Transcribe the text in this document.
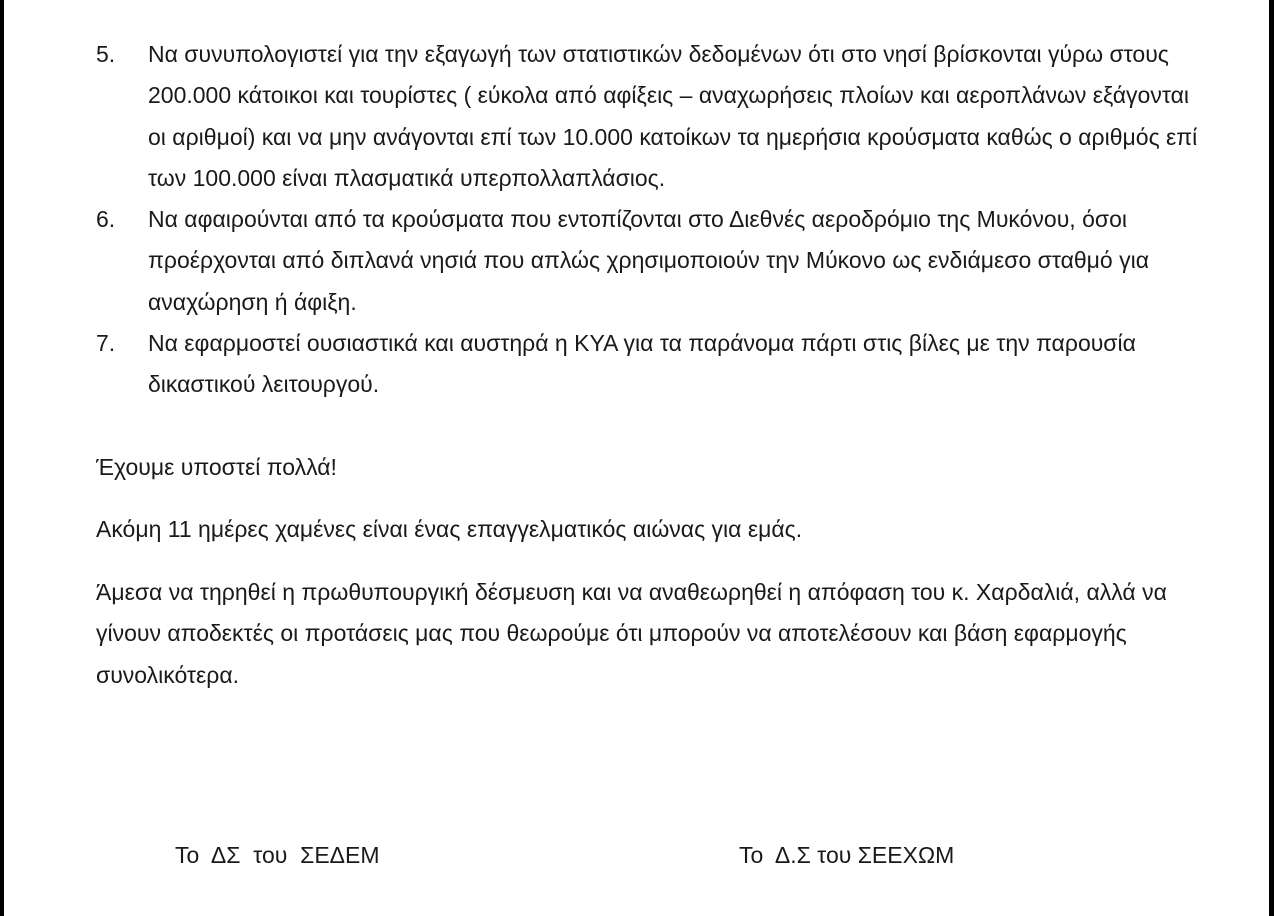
5. Να συνυπολογιστεί για την εξαγωγή των στατιστικών δεδομένων ότι στο νησί βρίσκονται γύρω στους 200.000 κάτοικοι και τουρίστες ( εύκολα από αφίξεις – αναχωρήσεις πλοίων και αεροπλάνων εξάγονται οι αριθμοί) και να μην ανάγονται επί των 10.000 κατοίκων τα ημερήσια κρούσματα καθώς ο αριθμός επί των 100.000 είναι πλασματικά υπερπολλαπλάσιος.
6. Να αφαιρούνται από τα κρούσματα που εντοπίζονται στο Διεθνές αεροδρόμιο της Μυκόνου, όσοι προέρχονται από διπλανά νησιά που απλώς χρησιμοποιούν την Μύκονο ως ενδιάμεσο σταθμό για αναχώρηση ή άφιξη.
7. Να εφαρμοστεί ουσιαστικά και αυστηρά η ΚΥΑ για τα παράνομα πάρτι στις βίλες με την παρουσία δικαστικού λειτουργού.

Έχουμε υποστεί πολλά!

Ακόμη 11 ημέρες χαμένες είναι ένας επαγγελματικός αιώνας για εμάς.

Άμεσα να τηρηθεί η πρωθυπουργική δέσμευση και να αναθεωρηθεί η απόφαση του κ. Χαρδαλιά, αλλά να γίνουν αποδεκτές οι προτάσεις μας που θεωρούμε ότι μπορούν να αποτελέσουν και βάση εφαρμογής συνολικότερα.

Το  ΔΣ  του  ΣΕΔΕΜ	Το  Δ.Σ του ΣΕΕΧΩΜ
